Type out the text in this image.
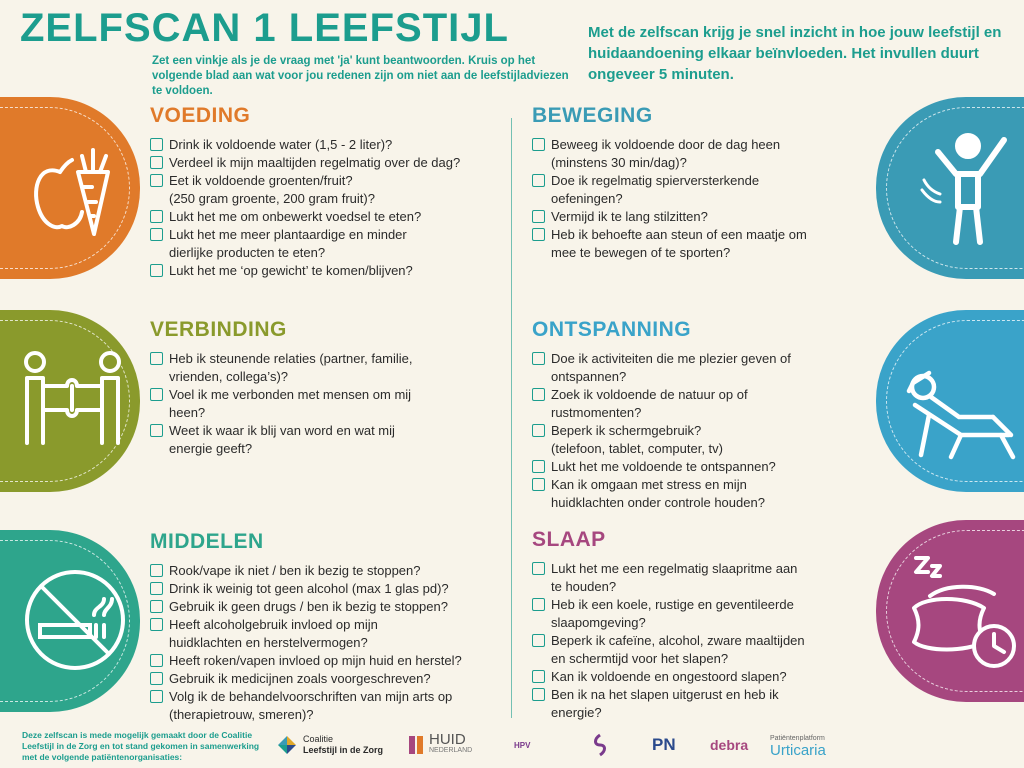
ZELFSCAN 1 LEEFSTIJL
Zet een vinkje als je de vraag met 'ja' kunt beantwoorden. Kruis op het volgende blad aan wat voor jou redenen zijn om niet aan de leefstijladviezen te voldoen.
Met de zelfscan krijg je snel inzicht in hoe jouw leefstijl en huidaandoening elkaar beïnvloeden. Het invullen duurt ongeveer 5 minuten.
VOEDING
Drink ik voldoende water (1,5 - 2 liter)?
Verdeel ik mijn maaltijden regelmatig over de dag?
Eet ik voldoende groenten/fruit?
(250 gram groente, 200 gram fruit)?
Lukt het me om onbewerkt voedsel te eten?
Lukt het me meer plantaardige en minder
dierlijke producten te eten?
Lukt het me ‘op gewicht’ te komen/blijven?
VERBINDING
Heb ik steunende relaties (partner, familie,
vrienden, collega’s)?
Voel ik me verbonden met mensen om mij
heen?
Weet ik waar ik blij van word en wat mij
energie geeft?
MIDDELEN
Rook/vape ik niet / ben ik bezig te stoppen?
Drink ik weinig tot geen alcohol (max 1 glas pd)?
Gebruik ik geen drugs / ben ik bezig te stoppen?
Heeft alcoholgebruik invloed op mijn
huidklachten en herstelvermogen?
Heeft roken/vapen invloed op mijn huid en herstel?
Gebruik ik medicijnen zoals voorgeschreven?
Volg ik de behandelvoorschriften van mijn arts op
(therapietrouw, smeren)?
BEWEGING
Beweeg ik voldoende door de dag heen
(minstens 30 min/dag)?
Doe ik regelmatig spierversterkende
oefeningen?
Vermijd ik te lang stilzitten?
Heb ik behoefte aan steun of een maatje om
mee te bewegen of te sporten?
ONTSPANNING
Doe ik activiteiten die me plezier geven of
ontspannen?
Zoek ik voldoende de natuur op of
rustmomenten?
Beperk ik schermgebruik?
(telefoon, tablet, computer, tv)
Lukt het me voldoende te ontspannen?
Kan ik omgaan met stress en mijn
huidklachten onder controle houden?
SLAAP
Lukt het me een regelmatig slaapritme aan
te houden?
Heb ik een koele, rustige en geventileerde
slaapomgeving?
Beperk ik cafeïne, alcohol, zware maaltijden
en schermtijd voor het slapen?
Kan ik voldoende en ongestoord slapen?
Ben ik na het slapen uitgerust en heb ik
energie?
Deze zelfscan is mede mogelijk gemaakt door de Coalitie Leefstijl in de Zorg en tot stand gekomen in samenwerking met de volgende patiëntenorganisaties:
Coalitie
Leefstijl in de Zorg
HUID
NEDERLAND
HPV	PN debra	Patiëntenplatform
Urticaria
